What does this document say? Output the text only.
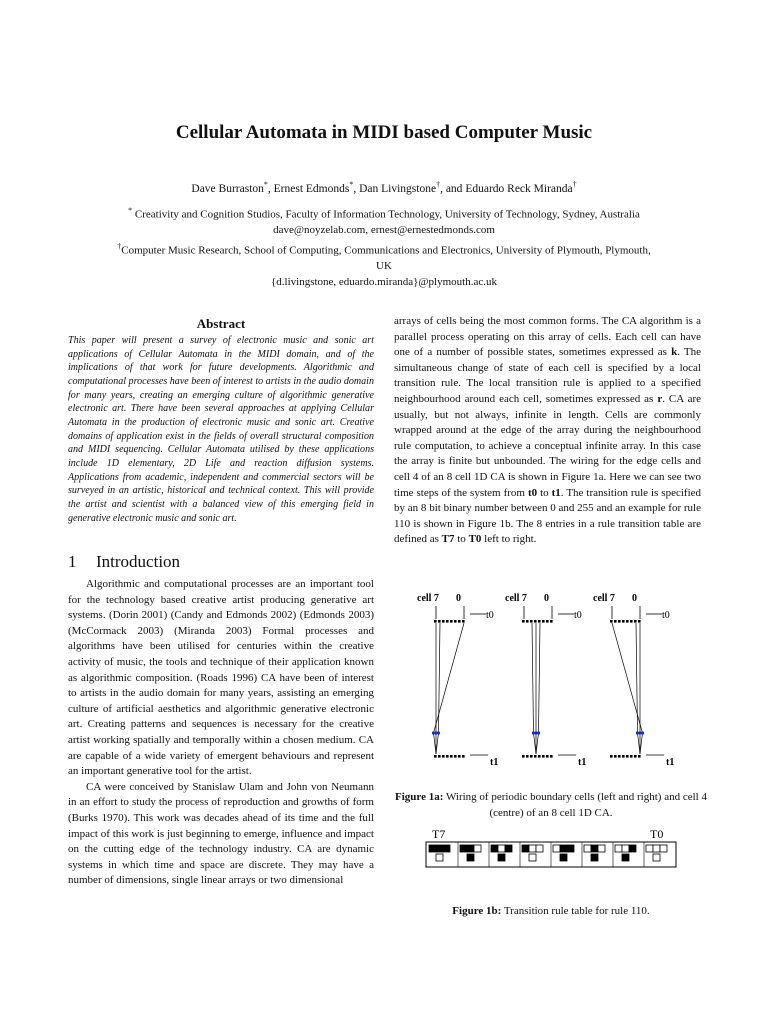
Cellular Automata in MIDI based Computer Music
Dave Burraston*, Ernest Edmonds*, Dan Livingstone†, and Eduardo Reck Miranda†
* Creativity and Cognition Studios, Faculty of Information Technology, University of Technology, Sydney, Australia
dave@noyzelab.com, ernest@ernestedmonds.com
†Computer Music Research, School of Computing, Communications and Electronics, University of Plymouth, Plymouth, UK
{d.livingstone, eduardo.miranda}@plymouth.ac.uk
Abstract
This paper will present a survey of electronic music and sonic art applications of Cellular Automata in the MIDI domain, and of the implications of that work for future developments. Algorithmic and computational processes have been of interest to artists in the audio domain for many years, creating an emerging culture of algorithmic generative electronic art. There have been several approaches at applying Cellular Automata in the production of electronic music and sonic art. Creative domains of application exist in the fields of overall structural composition and MIDI sequencing. Cellular Automata utilised by these applications include 1D elementary, 2D Life and reaction diffusion systems. Applications from academic, independent and commercial sectors will be surveyed in an artistic, historical and technical context. This will provide the artist and scientist with a balanced view of this emerging field in generative electronic music and sonic art.
1 Introduction

Algorithmic and computational processes are an important tool for the technology based creative artist producing generative art systems. (Dorin 2001) (Candy and Edmonds 2002) (Edmonds 2003) (McCormack 2003) (Miranda 2003) Formal processes and algorithms have been utilised for centuries within the creative activity of music, the tools and technique of their application known as algorithmic composition. (Roads 1996) CA have been of interest to artists in the audio domain for many years, assisting an emerging culture of artificial aesthetics and algorithmic generative electronic art. Creating patterns and sequences is necessary for the creative artist working spatially and temporally within a chosen medium. CA are capable of a wide variety of emergent behaviours and represent an important generative tool for the artist.

CA were conceived by Stanislaw Ulam and John von Neumann in an effort to study the process of reproduction and growths of form (Burks 1970). This work was decades ahead of its time and the full impact of this work is just beginning to emerge, influence and impact on the cutting edge of the technology industry. CA are dynamic systems in which time and space are discrete. They may have a number of dimensions, single linear arrays or two dimensional

arrays of cells being the most common forms. The CA algorithm is a parallel process operating on this array of cells. Each cell can have one of a number of possible states, sometimes expressed as k. The simultaneous change of state of each cell is specified by a local transition rule. The local transition rule is applied to a specified neighbourhood around each cell, sometimes expressed as r. CA are usually, but not always, infinite in length. Cells are commonly wrapped around at the edge of the array during the neighbourhood rule computation, to achieve a conceptual infinite array. In this case the array is finite but unbounded. The wiring for the edge cells and cell 4 of an 8 cell 1D CA is shown in Figure 1a. Here we can see two time steps of the system from t0 to t1. The transition rule is specified by an 8 bit binary number between 0 and 255 and an example for rule 110 is shown in Figure 1b. The 8 entries in a rule transition table are defined as T7 to T0 left to right.

cell 7 0
t0
t1
cell 7 0
t0
t1
cell 7 0
t0
t1
Figure 1a: Wiring of periodic boundary cells (left and right) and cell 4 (centre) of an 8 cell 1D CA.
T7	T0
Figure 1b: Transition rule table for rule 110.
